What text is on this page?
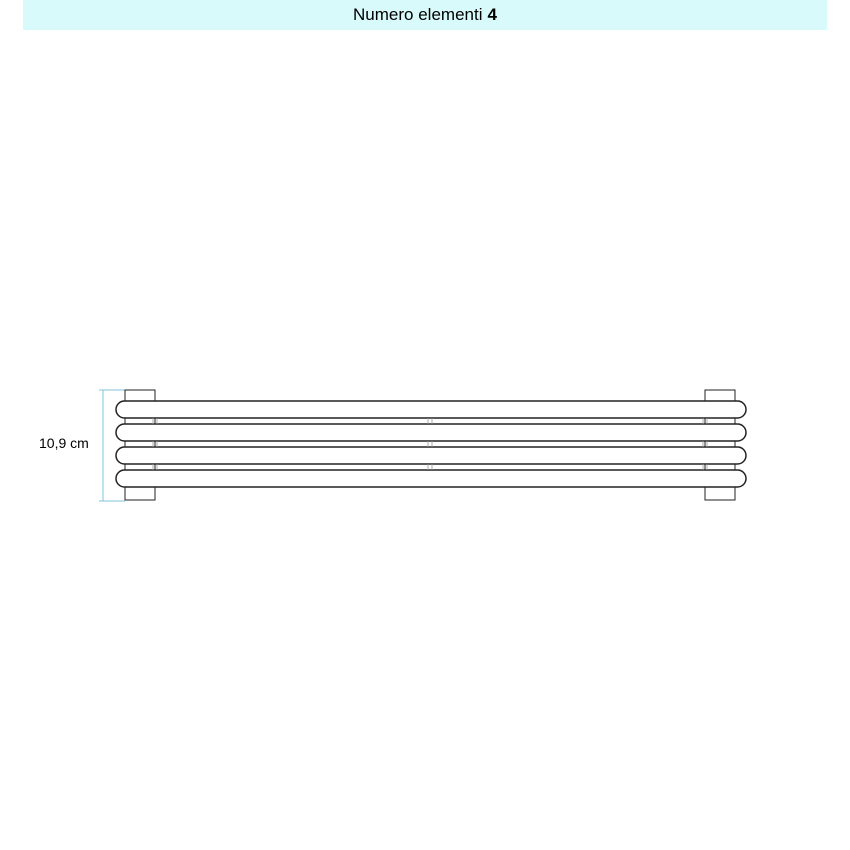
Numero elementi 4
10,9 cm
